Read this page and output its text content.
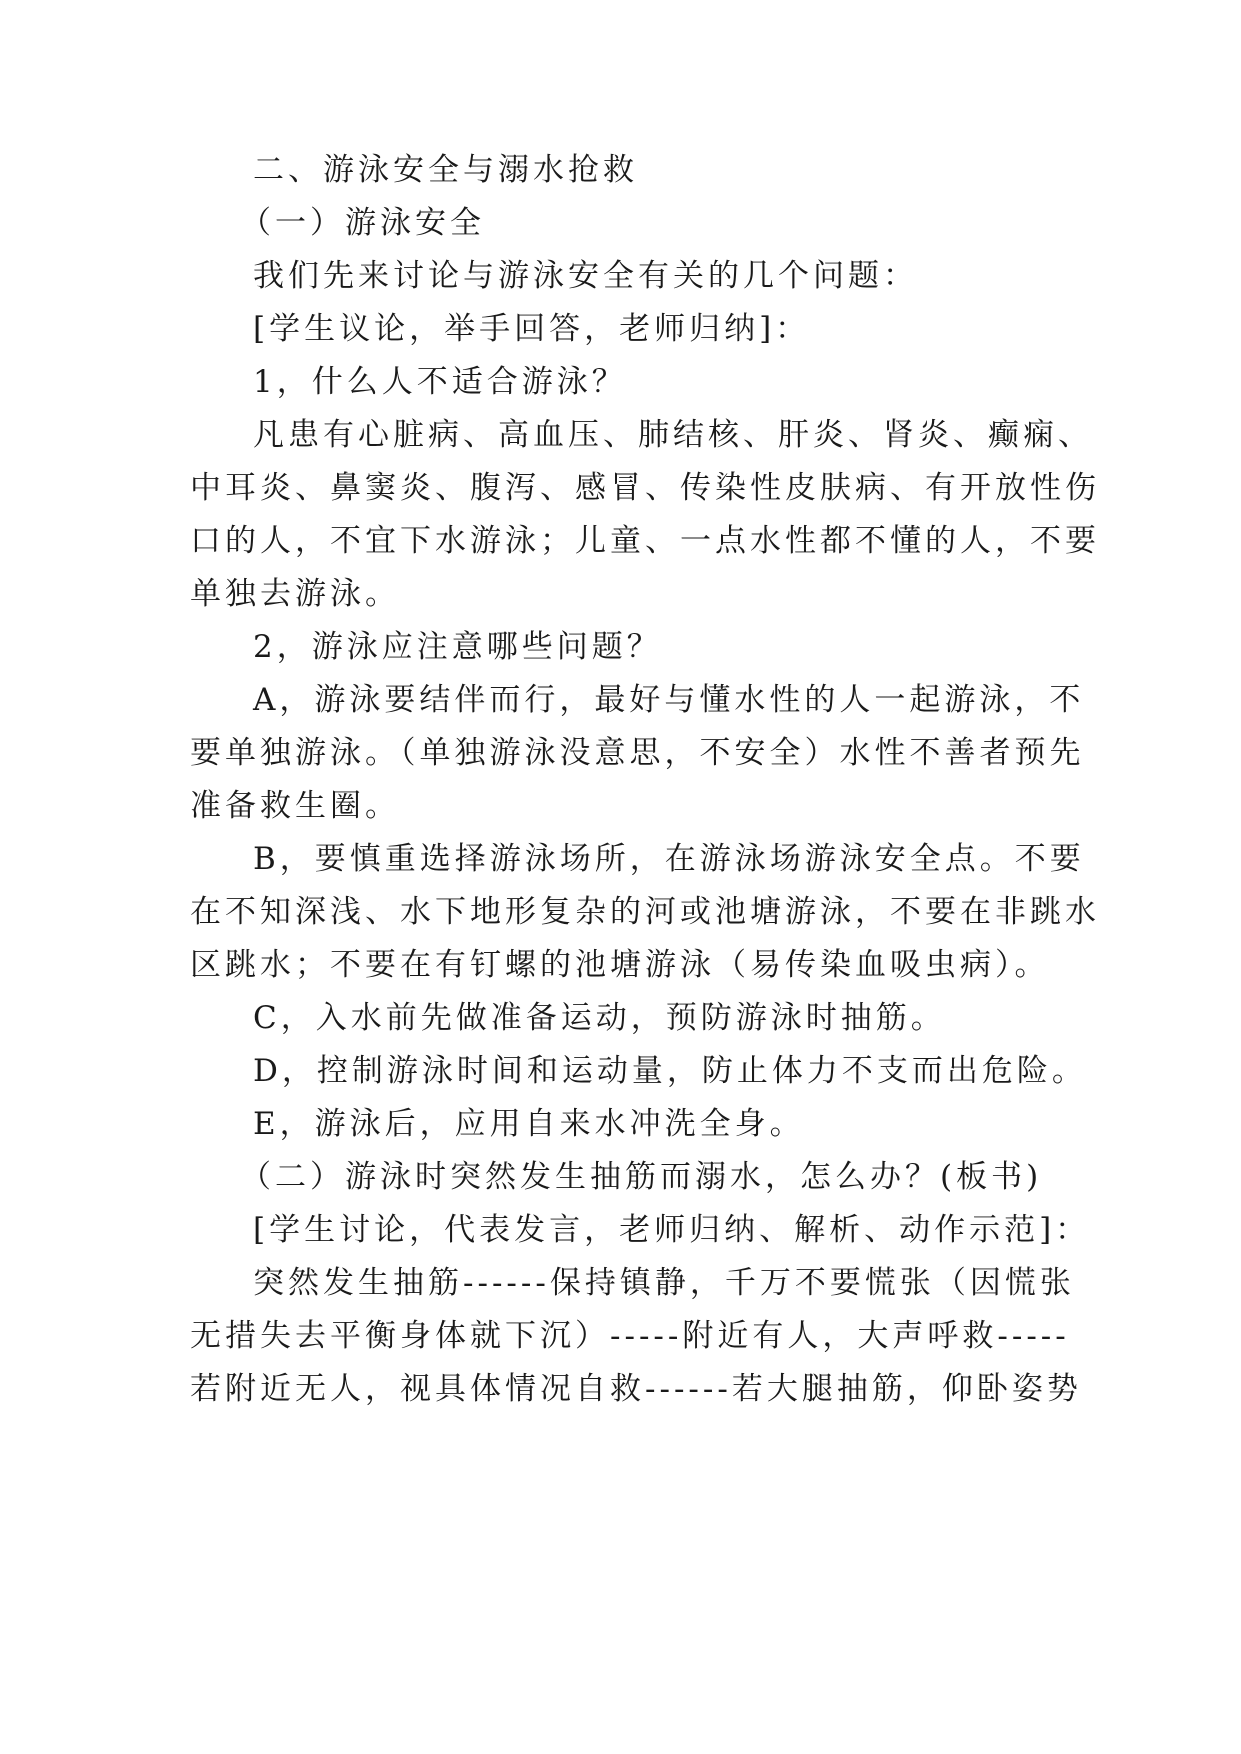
二、游泳安全与溺水抢救
（一）游泳安全
我们先来讨论与游泳安全有关的几个问题：
[学生议论，举手回答，老师归纳]：
1，什么人不适合游泳？
凡患有心脏病、高血压、肺结核、肝炎、肾炎、癫痫、
中耳炎、鼻窦炎、腹泻、感冒、传染性皮肤病、有开放性伤
口的人，不宜下水游泳；儿童、一点水性都不懂的人，不要
单独去游泳。
2，游泳应注意哪些问题？
A，游泳要结伴而行，最好与懂水性的人一起游泳，不
要单独游泳。（单独游泳没意思，不安全）水性不善者预先
准备救生圈。
B，要慎重选择游泳场所，在游泳场游泳安全点。不要
在不知深浅、水下地形复杂的河或池塘游泳，不要在非跳水
区跳水；不要在有钉螺的池塘游泳（易传染血吸虫病）。
C，入水前先做准备运动，预防游泳时抽筋。
D，控制游泳时间和运动量，防止体力不支而出危险。
E，游泳后，应用自来水冲洗全身。
（二）游泳时突然发生抽筋而溺水，怎么办？(板书)
[学生讨论，代表发言，老师归纳、解析、动作示范]：
突然发生抽筋------保持镇静，千万不要慌张（因慌张
无措失去平衡身体就下沉）-----附近有人，大声呼救-----
若附近无人，视具体情况自救------若大腿抽筋，仰卧姿势
